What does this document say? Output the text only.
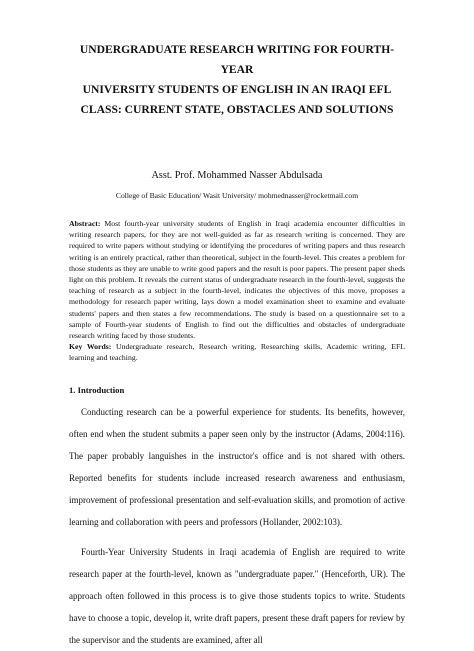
UNDERGRADUATE RESEARCH WRITING FOR FOURTH-YEAR
UNIVERSITY STUDENTS OF ENGLISH IN AN IRAQI EFL
CLASS: CURRENT STATE, OBSTACLES AND SOLUTIONS
Asst. Prof. Mohammed Nasser Abdulsada
College of Basic Education/ Wasit University/ mohmednasser@rocketmail.com
Abstract: Most fourth-year university students of English in Iraqi academia encounter difficulties in writing research papers, for they are not well-guided as far as research writing is concerned. They are required to write papers without studying or identifying the procedures of writing papers and thus research writing is an entirely practical, rather than theoretical, subject in the fourth-level. This creates a problem for those students as they are unable to write good papers and the result is poor papers. The present paper sheds light on this problem. It reveals the current status of undergraduate research in the fourth-level, suggests the teaching of research as a subject in the fourth-level, indicates the objectives of this move, proposes a methodology for research paper writing, lays down a model examination sheet to examine and evaluate students' papers and then states a few recommendations. The study is based on a questionnaire set to a sample of Fourth-year students of English to find out the difficulties and obstacles of undergraduate research writing faced by those students.
Key Words: Undergraduate research, Research writing, Researching skills, Academic writing, EFL learning and teaching.
1. Introduction

Conducting research can be a powerful experience for students. Its benefits, however, often end when the student submits a paper seen only by the instructor (Adams, 2004:116). The paper probably languishes in the instructor's office and is not shared with others. Reported benefits for students include increased research awareness and enthusiasm, improvement of professional presentation and self-evaluation skills, and promotion of active learning and collaboration with peers and professors (Hollander, 2002:103).

Fourth-Year University Students in Iraqi academia of English are required to write research paper at the fourth-level, known as "undergraduate paper." (Henceforth, UR). The approach often followed in this process is to give those students topics to write. Students have to choose a topic, develop it, write draft papers, present these draft papers for review by the supervisor and the students are examined, after all
